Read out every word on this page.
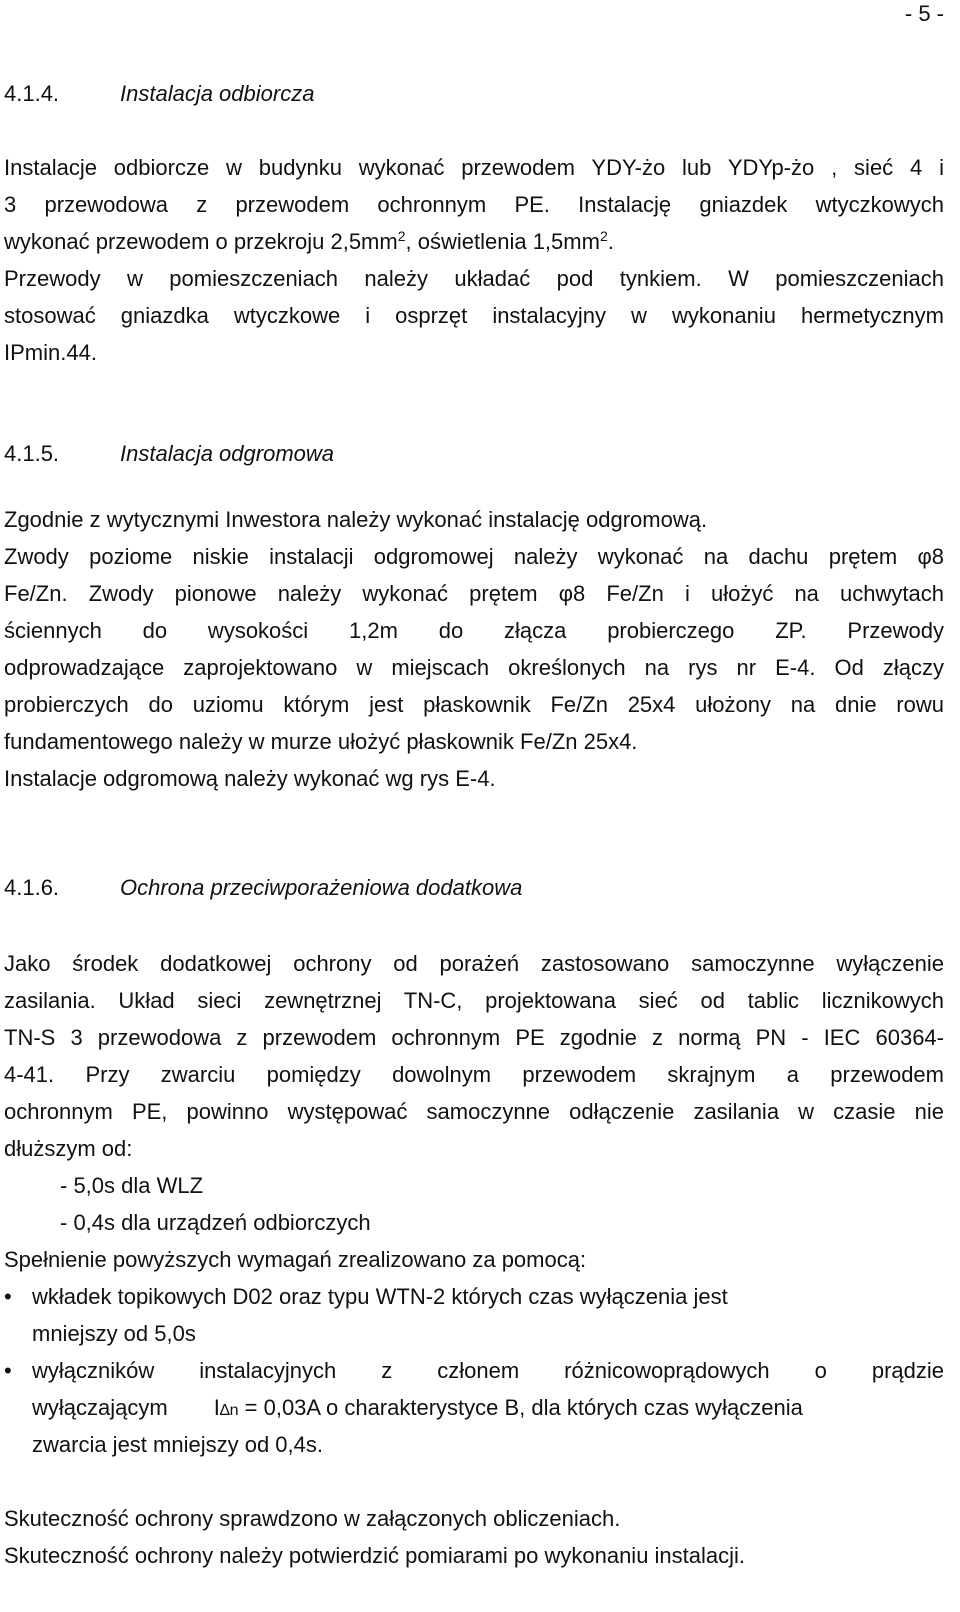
- 5 -
4.1.4.	Instalacja odbiorcza
Instalacje odbiorcze w budynku wykonać przewodem YDY-żo lub YDYp-żo , sieć 4 i
3 przewodowa z przewodem ochronnym PE. Instalację gniazdek wtyczkowych
wykonać przewodem o przekroju $2,5mm^2$, oświetlenia $1,5mm^2$.
Przewody w pomieszczeniach należy układać pod tynkiem. W pomieszczeniach
stosować gniazdka wtyczkowe i osprzęt instalacyjny w wykonaniu hermetycznym
IPmin.44.
4.1.5.	Instalacja odgromowa
Zgodnie z wytycznymi Inwestora należy wykonać instalację odgromową.
Zwody poziome niskie instalacji odgromowej należy wykonać na dachu prętem φ8
Fe/Zn. Zwody pionowe należy wykonać prętem φ8 Fe/Zn i ułożyć na uchwytach
ściennych do wysokości 1,2m do złącza probierczego ZP. Przewody
odprowadzające zaprojektowano w miejscach określonych na rys nr E-4. Od złączy
probierczych do uziomu którym jest płaskownik Fe/Zn 25x4 ułożony na dnie rowu
fundamentowego należy w murze ułożyć płaskownik Fe/Zn 25x4.
Instalacje odgromową należy wykonać wg rys E-4.
4.1.6.	Ochrona przeciwporażeniowa dodatkowa
Jako środek dodatkowej ochrony od porażeń zastosowano samoczynne wyłączenie
zasilania. Układ sieci zewnętrznej TN-C, projektowana sieć od tablic licznikowych
TN-S 3 przewodowa z przewodem ochronnym PE zgodnie z normą PN - IEC 60364-
4-41. Przy zwarciu pomiędzy dowolnym przewodem skrajnym a przewodem
ochronnym PE, powinno występować samoczynne odłączenie zasilania w czasie nie
dłuższym od:
- 5,0s dla WLZ
- 0,4s dla urządzeń odbiorczych
Spełnienie powyższych wymagań zrealizowano za pomocą:
• wkładek topikowych D02 oraz typu WTN-2 których czas wyłączenia jest
mniejszy od 5,0s
• wyłączników instalacyjnych z członem różnicowoprądowych o prądzie
wyłączającym I∆n = 0,03A o charakterystyce B, dla których czas wyłączenia
zwarcia jest mniejszy od 0,4s.
Skuteczność ochrony sprawdzono w załączonych obliczeniach.
Skuteczność ochrony należy potwierdzić pomiarami po wykonaniu instalacji.
